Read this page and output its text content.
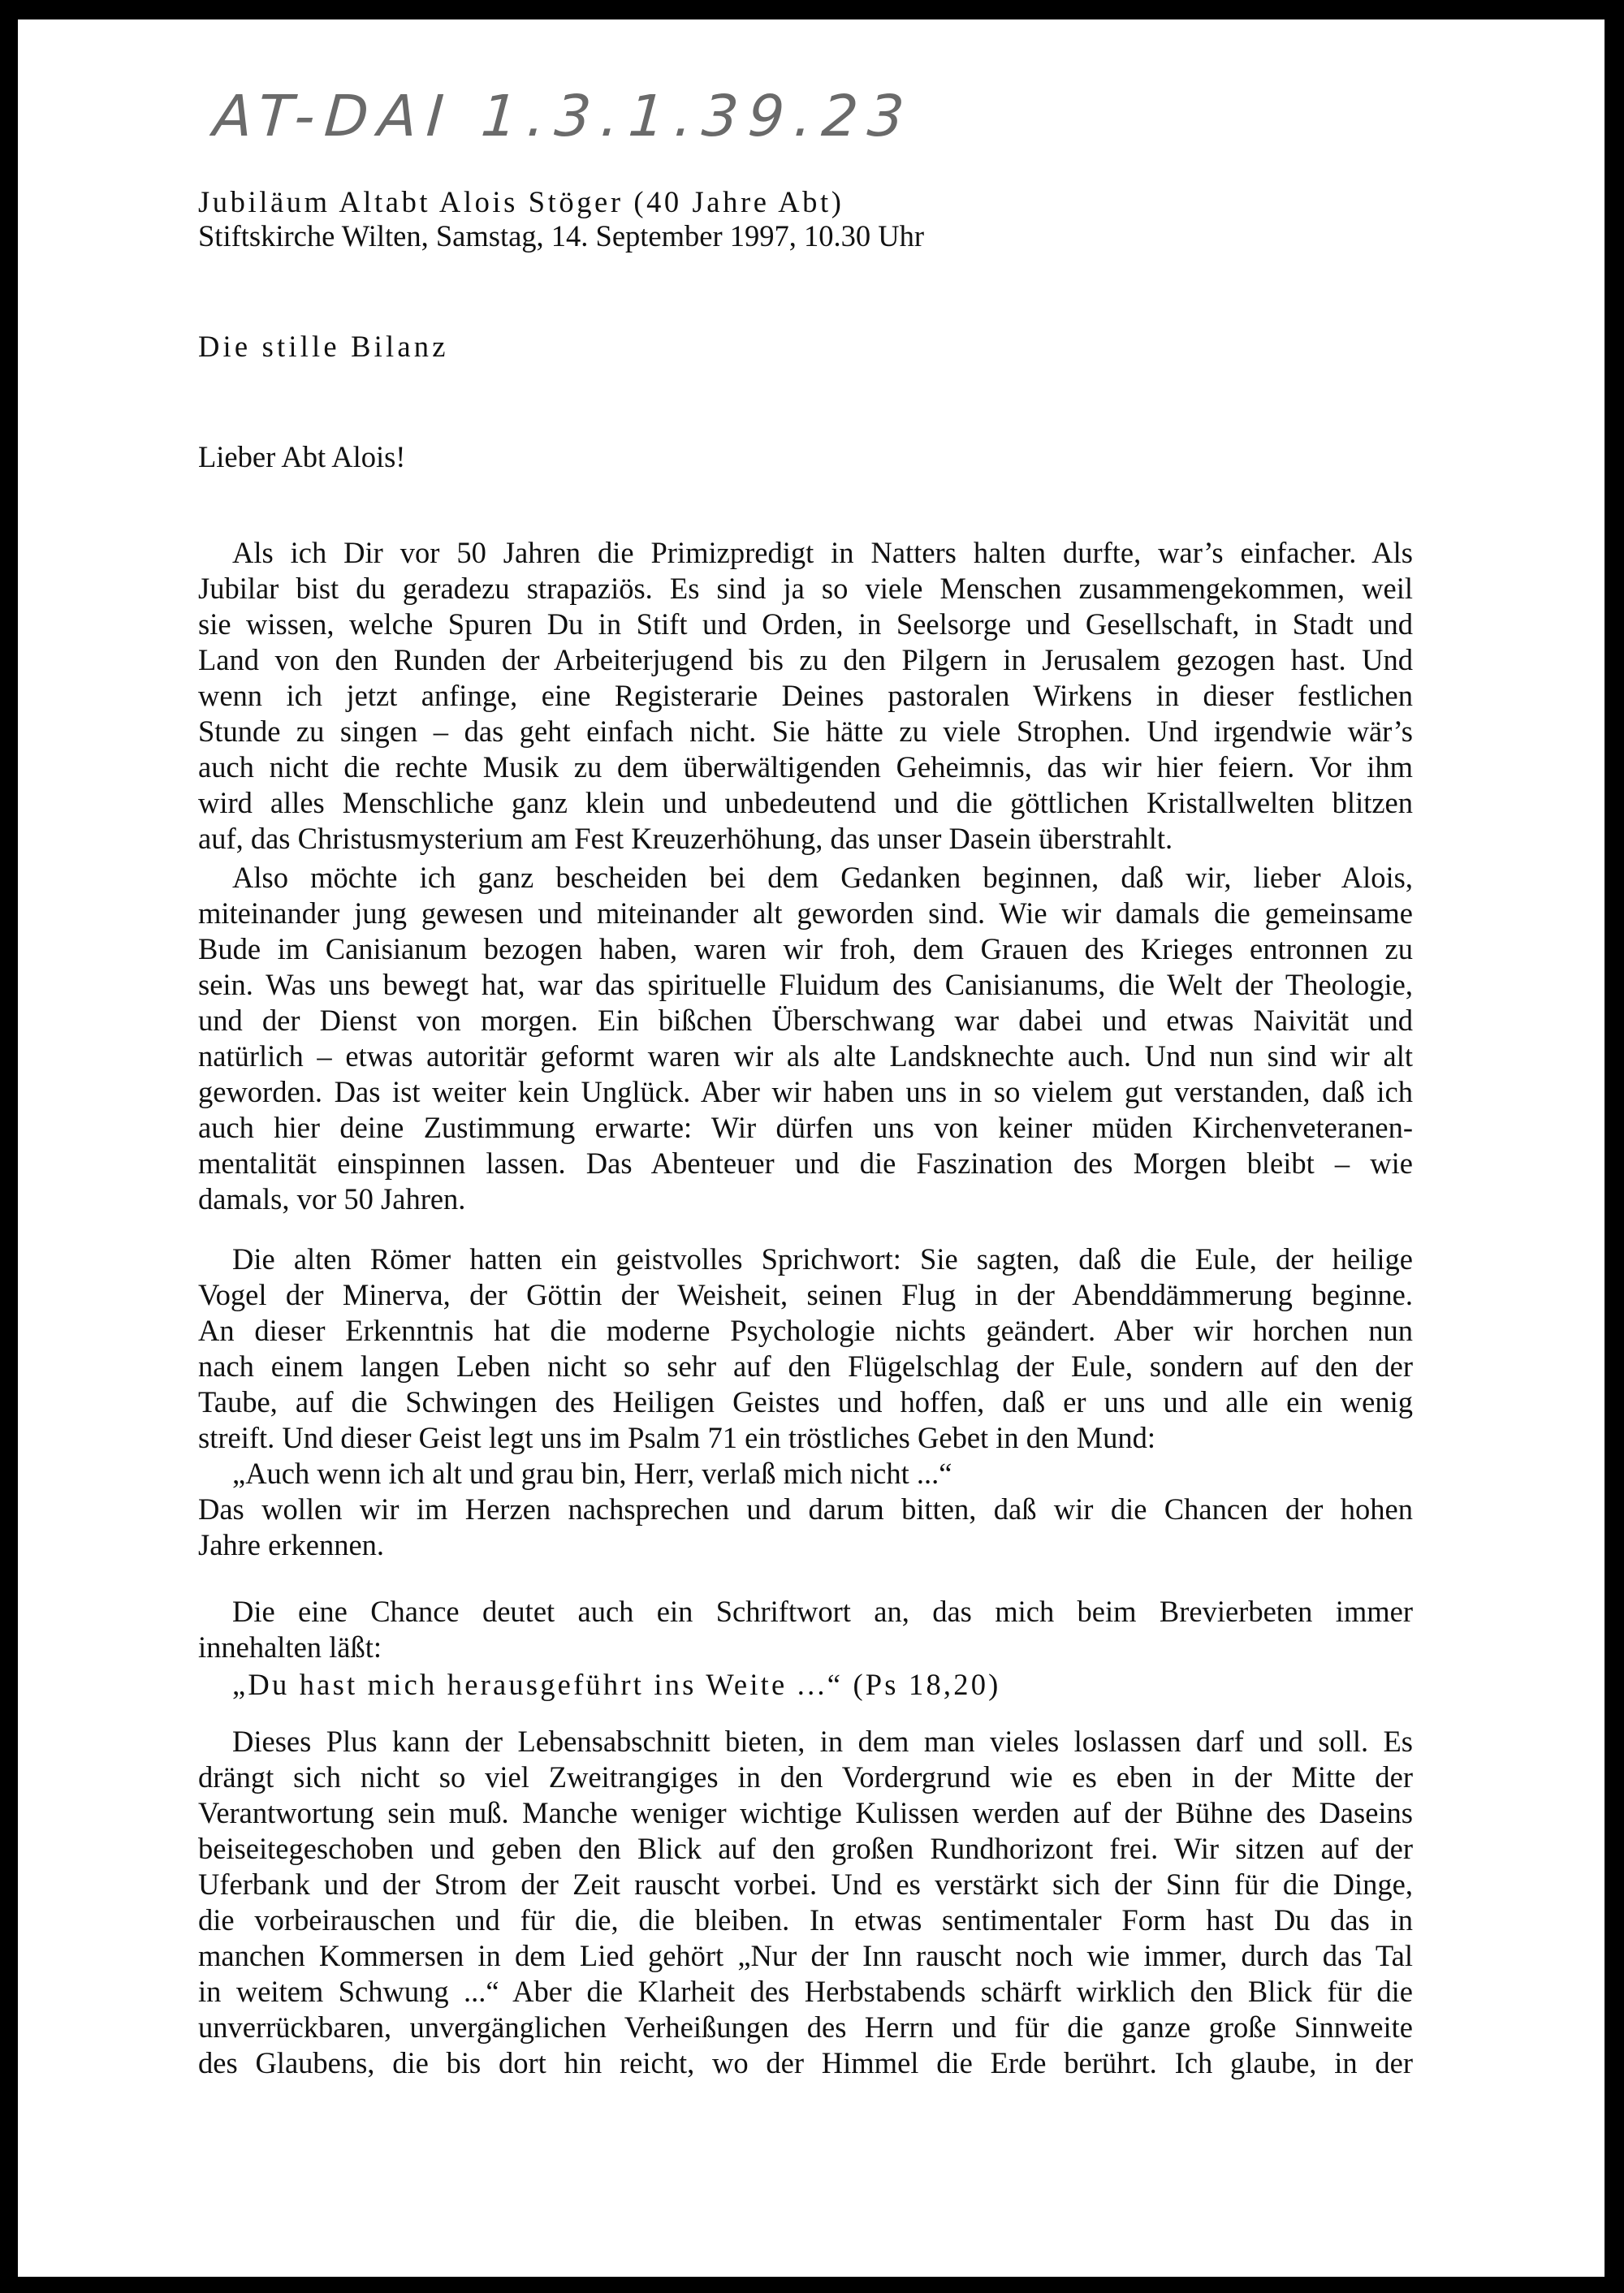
AT-DAI 1.3.1.39.23
Jubiläum Altabt Alois Stöger (40 Jahre Abt)
Stiftskirche Wilten, Samstag, 14. September 1997, 10.30 Uhr
Die stille Bilanz
Lieber Abt Alois!
Als ich Dir vor 50 Jahren die Primizpredigt in Natters halten durfte, war’s einfacher. Als
Jubilar bist du geradezu strapaziös. Es sind ja so viele Menschen zusammengekommen, weil
sie wissen, welche Spuren Du in Stift und Orden, in Seelsorge und Gesellschaft, in Stadt und
Land von den Runden der Arbeiterjugend bis zu den Pilgern in Jerusalem gezogen hast. Und
wenn ich jetzt anfinge, eine Registerarie Deines pastoralen Wirkens in dieser festlichen
Stunde zu singen – das geht einfach nicht. Sie hätte zu viele Strophen. Und irgendwie wär’s
auch nicht die rechte Musik zu dem überwältigenden Geheimnis, das wir hier feiern. Vor ihm
wird alles Menschliche ganz klein und unbedeutend und die göttlichen Kristallwelten blitzen
auf, das Christusmysterium am Fest Kreuzerhöhung, das unser Dasein überstrahlt.
Also möchte ich ganz bescheiden bei dem Gedanken beginnen, daß wir, lieber Alois,
miteinander jung gewesen und miteinander alt geworden sind. Wie wir damals die gemeinsame
Bude im Canisianum bezogen haben, waren wir froh, dem Grauen des Krieges entronnen zu
sein. Was uns bewegt hat, war das spirituelle Fluidum des Canisianums, die Welt der Theologie,
und der Dienst von morgen. Ein bißchen Überschwang war dabei und etwas Naivität und
natürlich – etwas autoritär geformt waren wir als alte Landsknechte auch. Und nun sind wir alt
geworden. Das ist weiter kein Unglück. Aber wir haben uns in so vielem gut verstanden, daß ich
auch hier deine Zustimmung erwarte: Wir dürfen uns von keiner müden Kirchenveteranen-
mentalität einspinnen lassen. Das Abenteuer und die Faszination des Morgen bleibt – wie
damals, vor 50 Jahren.
Die alten Römer hatten ein geistvolles Sprichwort: Sie sagten, daß die Eule, der heilige
Vogel der Minerva, der Göttin der Weisheit, seinen Flug in der Abenddämmerung beginne.
An dieser Erkenntnis hat die moderne Psychologie nichts geändert. Aber wir horchen nun
nach einem langen Leben nicht so sehr auf den Flügelschlag der Eule, sondern auf den der
Taube, auf die Schwingen des Heiligen Geistes und hoffen, daß er uns und alle ein wenig
streift. Und dieser Geist legt uns im Psalm 71 ein tröstliches Gebet in den Mund:
„Auch wenn ich alt und grau bin, Herr, verlaß mich nicht ...“
Das wollen wir im Herzen nachsprechen und darum bitten, daß wir die Chancen der hohen
Jahre erkennen.
Die eine Chance deutet auch ein Schriftwort an, das mich beim Brevierbeten immer
innehalten läßt:
„Du hast mich herausgeführt ins Weite ...“ (Ps 18,20)
Dieses Plus kann der Lebensabschnitt bieten, in dem man vieles loslassen darf und soll. Es
drängt sich nicht so viel Zweitrangiges in den Vordergrund wie es eben in der Mitte der
Verantwortung sein muß. Manche weniger wichtige Kulissen werden auf der Bühne des Daseins
beiseitegeschoben und geben den Blick auf den großen Rundhorizont frei. Wir sitzen auf der
Uferbank und der Strom der Zeit rauscht vorbei. Und es verstärkt sich der Sinn für die Dinge,
die vorbeirauschen und für die, die bleiben. In etwas sentimentaler Form hast Du das in
manchen Kommersen in dem Lied gehört „Nur der Inn rauscht noch wie immer, durch das Tal
in weitem Schwung ...“ Aber die Klarheit des Herbstabends schärft wirklich den Blick für die
unverrückbaren, unvergänglichen Verheißungen des Herrn und für die ganze große Sinnweite
des Glaubens, die bis dort hin reicht, wo der Himmel die Erde berührt. Ich glaube, in der
